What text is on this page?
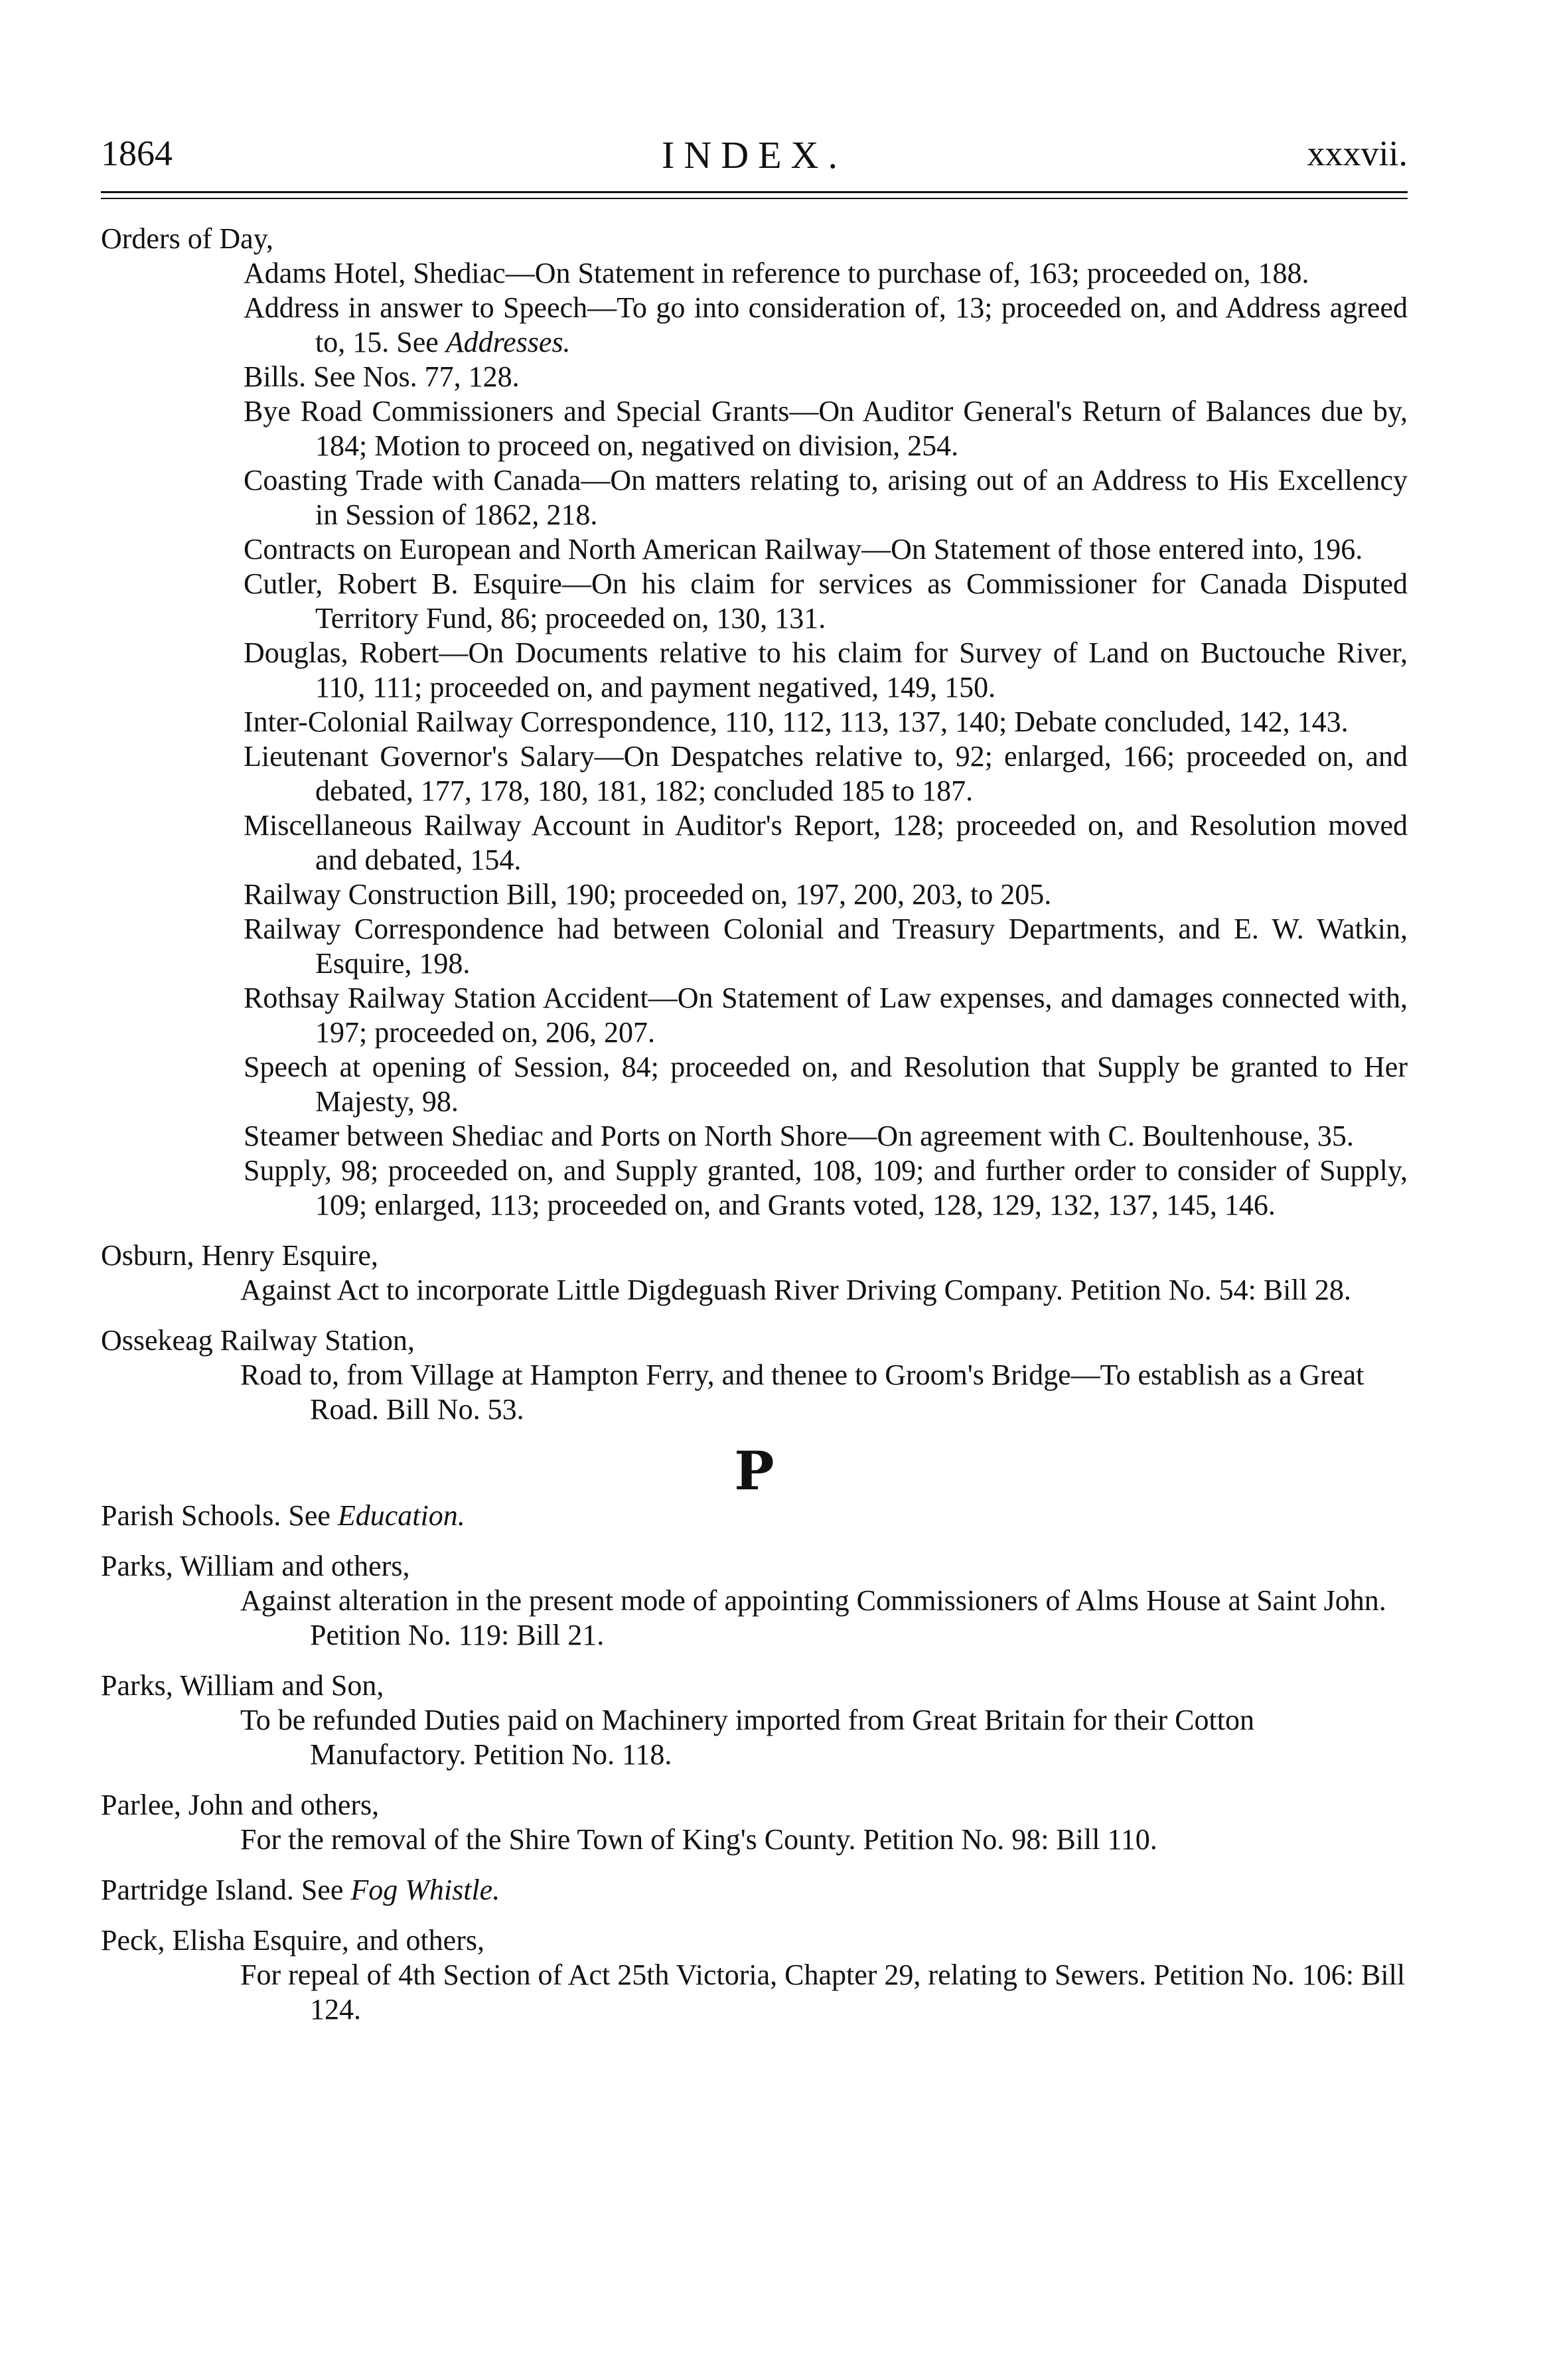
1864	INDEX.	xxxvii.
Orders of Day,
Adams Hotel, Shediac—On Statement in reference to purchase of, 163; proceeded on, 188.
Address in answer to Speech—To go into consideration of, 13; proceeded on, and Address agreed to, 15. See Addresses.
Bills. See Nos. 77, 128.
Bye Road Commissioners and Special Grants—On Auditor General's Return of Balances due by, 184; Motion to proceed on, negatived on division, 254.
Coasting Trade with Canada—On matters relating to, arising out of an Address to His Excellency in Session of 1862, 218.
Contracts on European and North American Railway—On Statement of those entered into, 196.
Cutler, Robert B. Esquire—On his claim for services as Commissioner for Canada Disputed Territory Fund, 86; proceeded on, 130, 131.
Douglas, Robert—On Documents relative to his claim for Survey of Land on Buctouche River, 110, 111; proceeded on, and payment negatived, 149, 150.
Inter-Colonial Railway Correspondence, 110, 112, 113, 137, 140; Debate concluded, 142, 143.
Lieutenant Governor's Salary—On Despatches relative to, 92; enlarged, 166; proceeded on, and debated, 177, 178, 180, 181, 182; concluded 185 to 187.
Miscellaneous Railway Account in Auditor's Report, 128; proceeded on, and Resolution moved and debated, 154.
Railway Construction Bill, 190; proceeded on, 197, 200, 203, to 205.
Railway Correspondence had between Colonial and Treasury Departments, and E. W. Watkin, Esquire, 198.
Rothsay Railway Station Accident—On Statement of Law expenses, and damages connected with, 197; proceeded on, 206, 207.
Speech at opening of Session, 84; proceeded on, and Resolution that Supply be granted to Her Majesty, 98.
Steamer between Shediac and Ports on North Shore—On agreement with C. Boultenhouse, 35.
Supply, 98; proceeded on, and Supply granted, 108, 109; and further order to consider of Supply, 109; enlarged, 113; proceeded on, and Grants voted, 128, 129, 132, 137, 145, 146.
Osburn, Henry Esquire,
Against Act to incorporate Little Digdeguash River Driving Company. Petition No. 54: Bill 28.
Ossekeag Railway Station,
Road to, from Village at Hampton Ferry, and thenee to Groom's Bridge—To establish as a Great Road. Bill No. 53.
P
Parish Schools. See Education.
Parks, William and others,
Against alteration in the present mode of appointing Commissioners of Alms House at Saint John. Petition No. 119: Bill 21.
Parks, William and Son,
To be refunded Duties paid on Machinery imported from Great Britain for their Cotton Manufactory. Petition No. 118.
Parlee, John and others,
For the removal of the Shire Town of King's County. Petition No. 98: Bill 110.
Partridge Island. See Fog Whistle.
Peck, Elisha Esquire, and others,
For repeal of 4th Section of Act 25th Victoria, Chapter 29, relating to Sewers. Petition No. 106: Bill 124.
